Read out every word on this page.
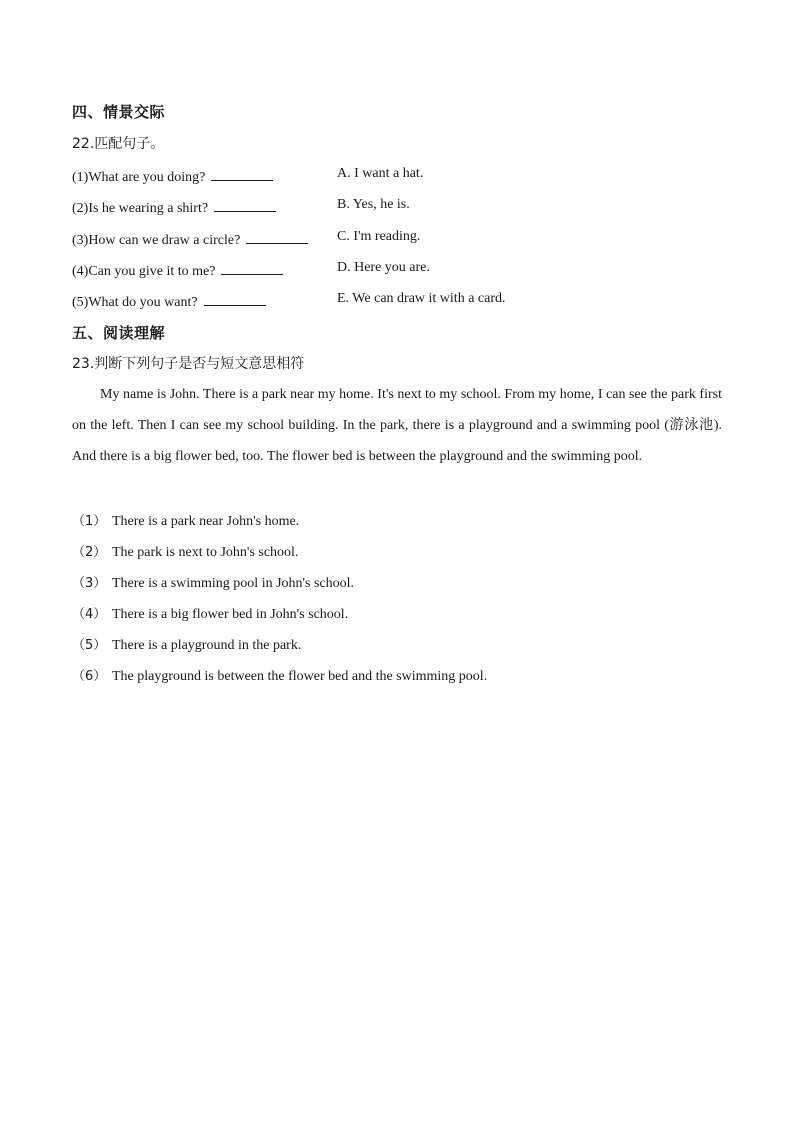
四、情景交际
22.匹配句子。
(1)What are you doing?	A. I want a hat.
(2)Is he wearing a shirt?	B. Yes, he is.
(3)How can we draw a circle?	C. I'm reading.
(4)Can you give it to me?	D. Here you are.
(5)What do you want?	E. We can draw it with a card.
五、阅读理解
23.判断下列句子是否与短文意思相符
My name is John. There is a park near my home. It's next to my school. From my home, I can see the park first on the left. Then I can see my school building. In the park, there is a playground and a swimming pool (游泳池). And there is a big flower bed, too. The flower bed is between the playground and the swimming pool.
（1） There is a park near John's home.
（2） The park is next to John's school.
（3） There is a swimming pool in John's school.
（4） There is a big flower bed in John's school.
（5） There is a playground in the park.
（6） The playground is between the flower bed and the swimming pool.
